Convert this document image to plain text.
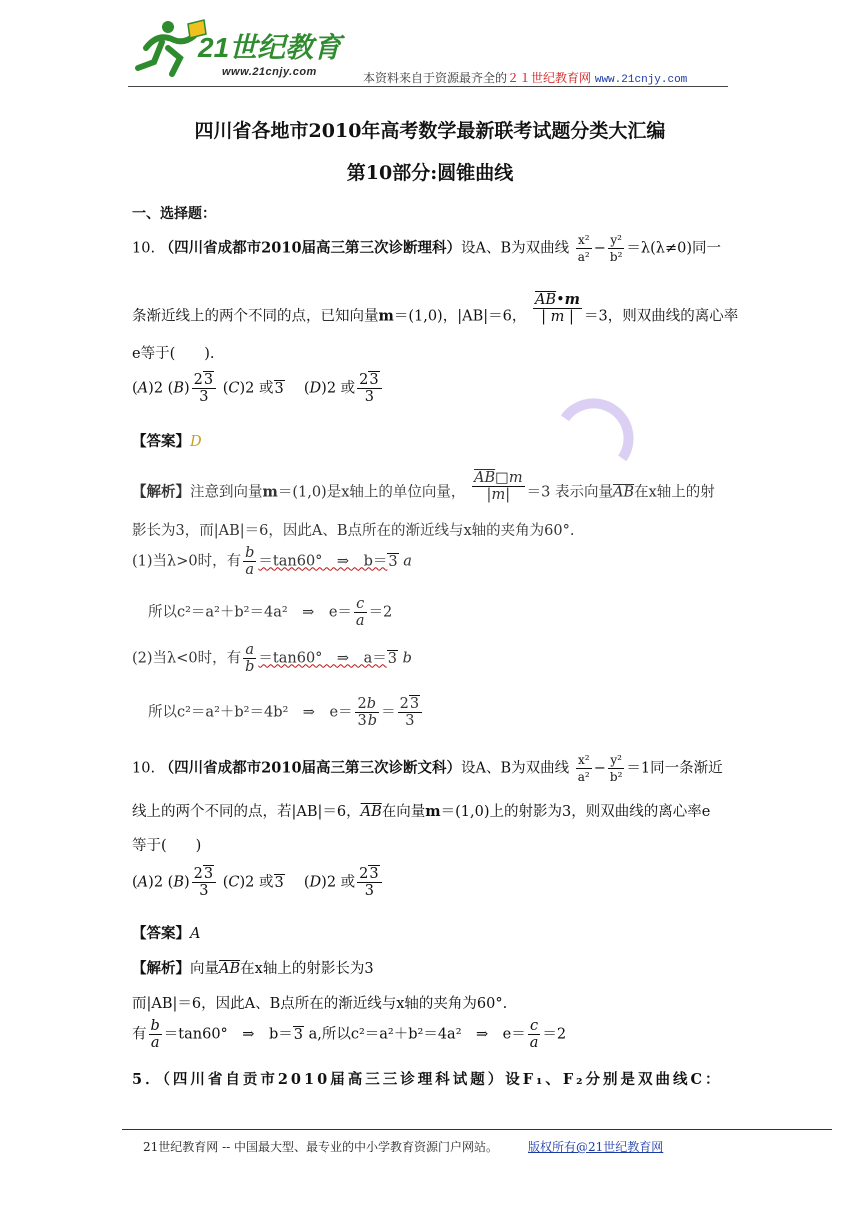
21世纪教育
www.21cnjy.com	本资料来自于资源最齐全的２１世纪教育网 www.21cnjy.com
四川省各地市2010年高考数学最新联考试题分类大汇编
第10部分:圆锥曲线
一、选择题：
10. （四川省成都市2010届高三第三次诊断理科）设A、B为双曲线 $\frac{\text{x²}}{\text{a²}} - \frac{\text{y²}}{\text{b²}} =\lambda(\lambda\ne 0)$同一
条渐近线上的两个不同的点，已知向量m＝(1,0)，|AB|＝6， $\frac{\overline{AB}•m}{| m |} =3$，则双曲线的离心率
e等于(　　).
(A)2 $(B) \frac{23}{3} (C)2$ 或3　 (D)2 或 $\frac{23}{3}$
【答案】D
【解析】注意到向量m＝(1,0)是x轴上的单位向量， $\frac{\overline{AB}□m}{|m|} =3$ 表示向量$\overline{AB}$在x轴上的射
影长为3，而|AB|＝6，因此A、B点所在的渐近线与x轴的夹角为60°.
(1)当λ>0时，有 $\frac{b}{a} =\tan 60^\circ$　⇒　b＝3 a
所以c²＝a²＋b²＝4a²　⇒　$e= \frac{c}{a} =2$
(2)当λ<0时，有 $\frac{a}{b} =\tan 60^\circ$　⇒　a＝3 b
所以c²＝a²＋b²＝4b²　⇒　$e= \frac{2b}{3b} = \frac{23}{3}$
10. （四川省成都市2010届高三第三次诊断文科）设A、B为双曲线 $\frac{\text{x²}}{\text{a²}} - \frac{\text{y²}}{\text{b²}} =1$同一条渐近
线上的两个不同的点，若|AB|＝6，$\overline{AB}$在向量m＝(1,0)上的射影为3，则双曲线的离心率e
等于(　　)
(A)2 $(B) \frac{23}{3} (C)2$ 或3　 (D)2 或 $\frac{23}{3}$
【答案】A
【解析】向量$\overline{AB}$在x轴上的射影长为3
而|AB|＝6，因此A、B点所在的渐近线与x轴的夹角为60°.
有 $\frac{b}{a} =\tan 60^\circ$　⇒　b＝3 a,所以c²＝a²＋b²＝4a²　⇒　$e= \frac{c}{a} =2$
5．（四川省自贡市2010届高三三诊理科试题）设F₁、F₂分别是双曲线C：
21世纪教育网 -- 中国最大型、最专业的中小学教育资源门户网站。	版权所有@21世纪教育网
